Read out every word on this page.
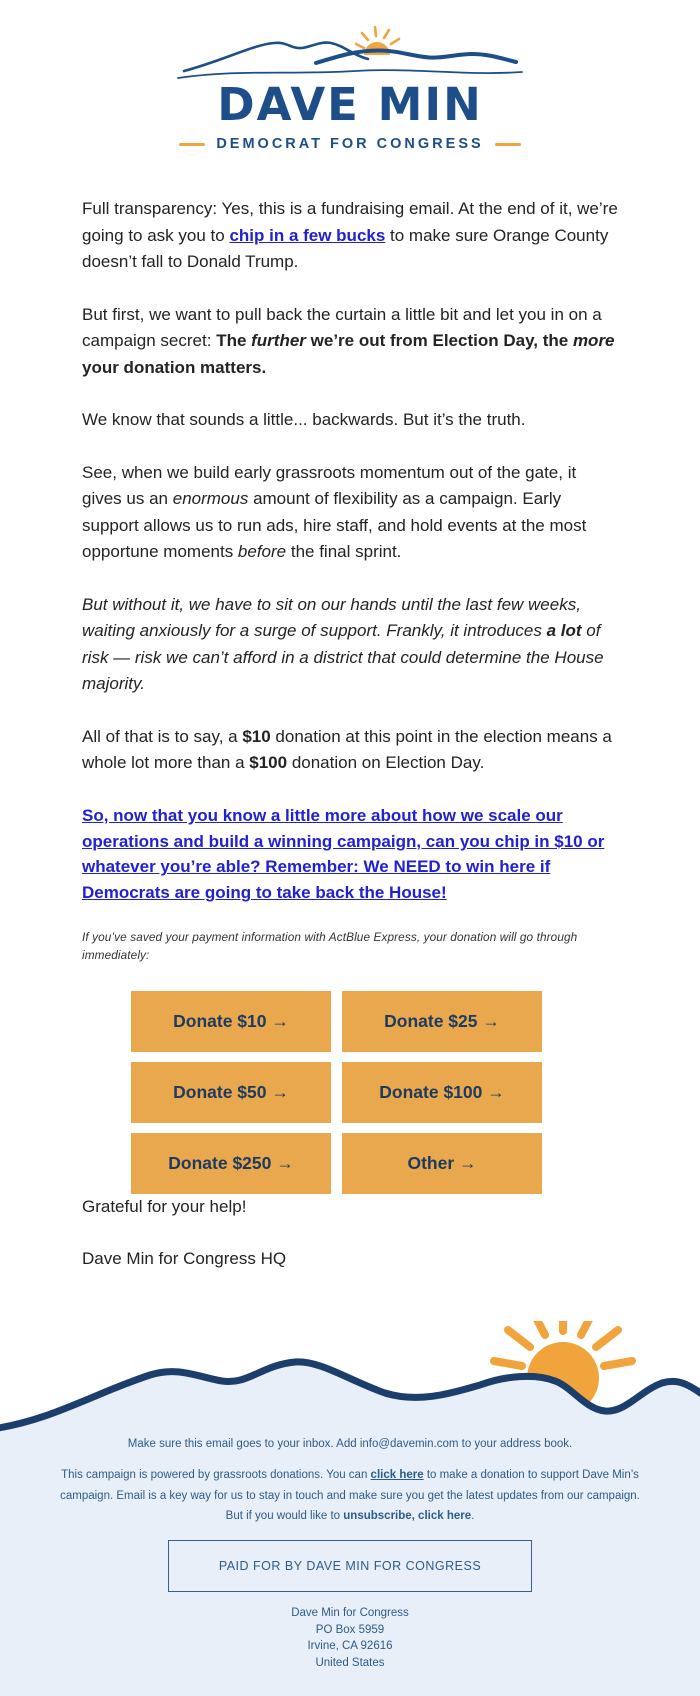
DAVE MIN
DEMOCRAT FOR CONGRESS

Full transparency: Yes, this is a fundraising email. At the end of it, we’re going to ask you to chip in a few bucks to make sure Orange County doesn’t fall to Donald Trump.

But first, we want to pull back the curtain a little bit and let you in on a campaign secret: The further we’re out from Election Day, the more your donation matters.

We know that sounds a little... backwards. But it’s the truth.

See, when we build early grassroots momentum out of the gate, it gives us an enormous amount of flexibility as a campaign. Early support allows us to run ads, hire staff, and hold events at the most opportune moments before the final sprint.

But without it, we have to sit on our hands until the last few weeks, waiting anxiously for a surge of support. Frankly, it introduces a lot of risk — risk we can’t afford in a district that could determine the House majority.

All of that is to say, a $10 donation at this point in the election means a whole lot more than a $100 donation on Election Day.

So, now that you know a little more about how we scale our operations and build a winning campaign, can you chip in $10 or whatever you’re able? Remember: We NEED to win here if Democrats are going to take back the House!

If you’ve saved your payment information with ActBlue Express, your donation will go through immediately:

Donate $10 →	Donate $25 →
Donate $50 →	Donate $100 →
Donate $250 →	Other →

Grateful for your help!

Dave Min for Congress HQ

Make sure this email goes to your inbox. Add info@davemin.com to your address book.
This campaign is powered by grassroots donations. You can click here to make a donation to support Dave Min’s campaign. Email is a key way for us to stay in touch and make sure you get the latest updates from our campaign. But if you would like to unsubscribe, click here.
PAID FOR BY DAVE MIN FOR CONGRESS
Dave Min for Congress
PO Box 5959
Irvine, CA 92616
United States
